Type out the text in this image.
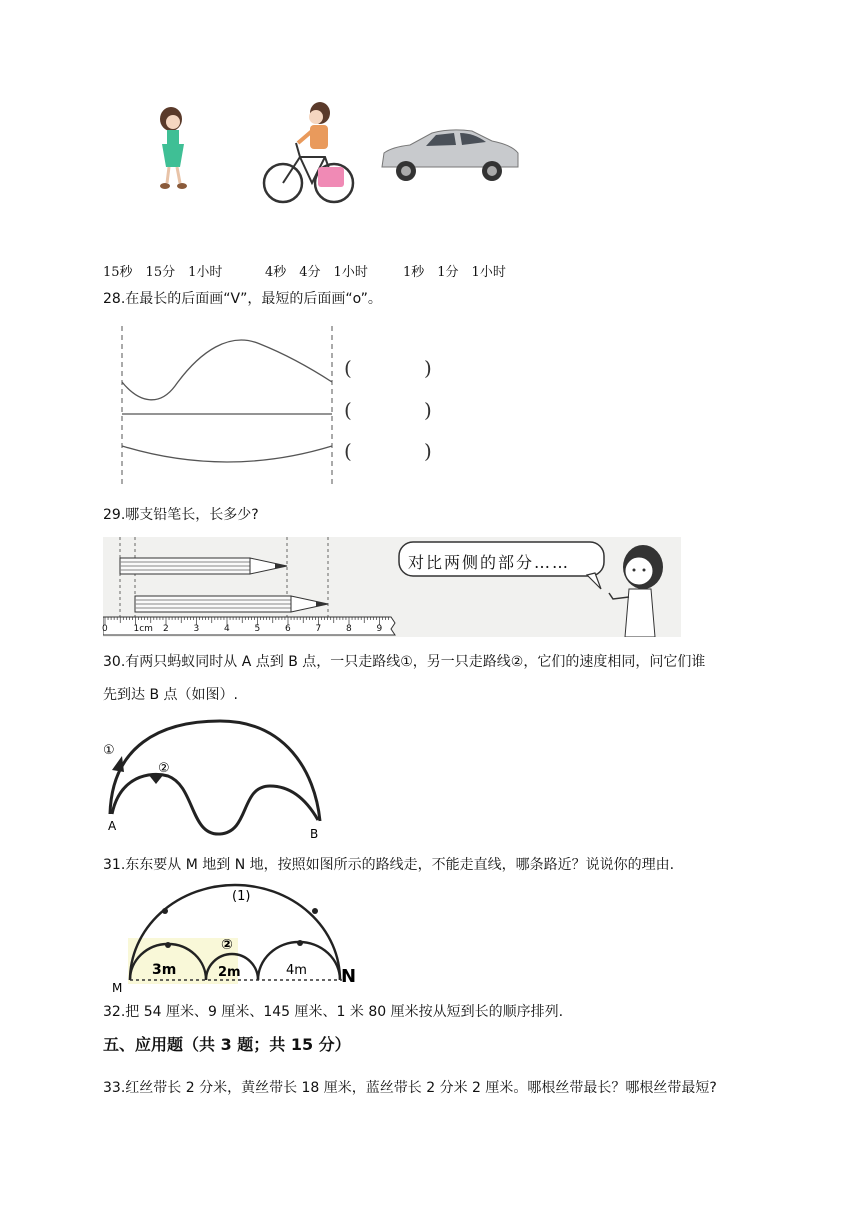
15秒　15分　1小时	4秒　4分　1小时	1秒　1分　1小时
28.在最长的后面画“V”，最短的后面画“o”。
(	)
(	)
(	)
29.哪支铅笔长，长多少?
对比两侧的部分……
0	1cm 2	3	4	5	6	7	8	9
30.有两只蚂蚁同时从 A 点到 B 点，一只走路线①，另一只走路线②，它们的速度相同，问它们谁
先到达 B 点（如图）.
①
②
A
B
31.东东要从 M 地到 N 地，按照如图所示的路线走，不能走直线，哪条路近？说说你的理由.
(1)
②
3m	2m	4m
M
N
32.把 54 厘米、9 厘米、145 厘米、1 米 80 厘米按从短到长的顺序排列.
五、应用题（共 3 题；共 15 分）
33.红丝带长 2 分米，黄丝带长 18 厘米，蓝丝带长 2 分米 2 厘米。哪根丝带最长？哪根丝带最短?
